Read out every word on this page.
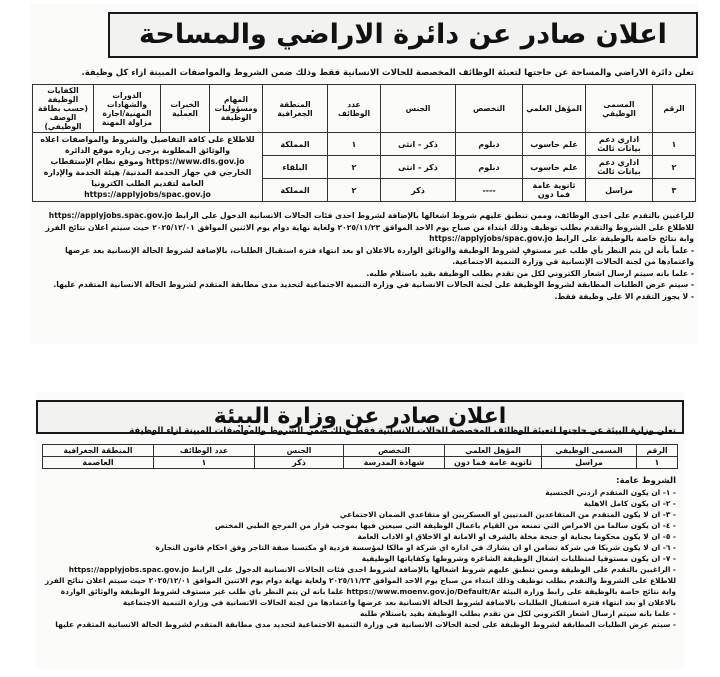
اعلان صادر عن دائرة الاراضي والمساحة
تعلن دائرة الاراضي والمساحة عن حاجتها لتعبئة الوظائف المخصصة للحالات الانسانية فقط وذلك ضمن الشروط والمواصفات المبينة ازاء كل وظيفة.
الرقم	المسمى الوظيفي	المؤهل العلمي	التخصص	الجنس	عدد الوظائف	المنطقة الجغرافية	المهام ومسؤوليات الوظيفة	الخبرات العملية	الدورات والشهادات المهنية/اجازة مزاولة المهنة	الكفايات الوظيفة (حسب بطاقة الوصف الوظيفي)
١	اداري دعم بيانات ثالث	علم حاسوب	دبلوم	ذكر - انثى	١	المملكة	للاطلاع على كافة التفاصيل والشروط والمواصفات اعلاه والوثائق المطلوبة يرجى زيارة موقع الدائرة https://www.dls.gov.jo وموقع نظام الإستقطاب الخارجي في جهاز الخدمة المدنية/ هيئة الخدمة والإدارة العامة لتقديم الطلب الكترونيا https://applyjobs/spac.gov.jo			
٢	اداري دعم بيانات ثالث	علم حاسوب	دبلوم	ذكر - انثى	٢	البلقاء				
٣	مراسل	ثانوية عامة فما دون	----	ذكر	٢	المملكة				
للراغبين بالتقدم على احدى الوظائف، وممن تنطبق عليهم شروط اشغالها بالإضافة لشروط احدى فئات الحالات الانسانية الدخول على الرابط https://applyjobs.spac.gov.jo
للاطلاع على الشروط والتقدم بطلب توظيف وذلك ابتداء من صباح يوم الاحد الموافق ٢٠٢٥/١١/٢٣ ولغاية نهاية دوام يوم الاثنين الموافق ٢٠٢٥/١٢/٠١ حيث سيتم اعلان نتائج الفرز وابة نتائج خاصة بالوظيفة على الرابط https://applyjobs/spac.gov.jo
- علماً بأنه لن يتم النظر بأي طلب غير مستوفٍ لشروط الوظيفة والوثائق الواردة بالاعلان او بعد انتهاء فترة استقبال الطلبات، بالإضافة لشروط الحالة الإنسانية بعد عرضها واعتمادها من لجنة الحالات الإنسانية في وزارة التنمية الاجتماعية.
- علما بانه سيتم ارسال اشعار الكتروني لكل من تقدم بطلب الوظيفة بقيد باستلام طلبه.
- سيتم عرض الطلبات المطابقة لشروط الوظيفة على لجنة الحالات الانسانية في وزارة التنمية الاجتماعية لتحديد مدى مطابقة المتقدم لشروط الحالة الانسانية المتقدم عليها.
- لا يجوز التقدم الا على وظيفة فقط.
اعلان صادر عن وزارة البيئة
تعلن وزارة البيئة عن حاجتها لتعبئة الوظائف المخصصة للحالات الانسانية فقط وذلك ضمن الشروط والمواصفات المبينة ازاء الوظيفة
الرقم	المسمى الوظيفي	المؤهل العلمي	التخصص	الجنس	عدد الوظائف	المنطقة الجغرافية
١	مراسل	ثانوية عامة فما دون	شهادة المدرسة	ذكر	١	العاصمة
الشروط عامة:
- ١- ان يكون المتقدم اردني الجنسية
- ٢- ان يكون كامل الاهلية
- ٣- ان لا يكون المتقدم من المتقاعدين المدنيين او العسكريين او متقاعدي الضمان الاجتماعي
- ٤- ان يكون سالما من الامراض التي تمنعه من القيام باعمال الوظيفة التي سيعين فيها بموجب قرار من المرجع الطبي المختص
- ٥- ان لا يكون محكوما بجناية او جنحة مخلة بالشرف او الامانة او الاخلاق او الاداب العامة
- ٦- ان لا يكون شريكا في شركة تضامن او ان يشارك في ادارة اي شركة او مالكا لمؤسسة فردية او مكتسبا صفة التاجر وفق احكام قانون التجارة
- ٧- ان يكون مستوفيا لمتطلبات اشغال الوظيفة الشاغرة وشروطها وكفاياتها الوظيفية
- الراغبين بالتقدم على الوظيفة وممن تنطبق عليهم شروط اشغالها بالإضافة لشروط احدى فئات الحالات الانسانية الدخول على الرابط https://applyjobs.spac.gov.jo للاطلاع على الشروط والتقدم بطلب توظيف وذلك ابتداء من صباح يوم الاحد الموافق ٢٠٢٥/١١/٢٣ ولغاية نهاية دوام يوم الاثنين الموافق ٢٠٢٥/١٢/٠١ حيث سيتم اعلان نتائج الفرز وابة نتائج خاصة بالوظيفة على رابط وزارة البيئة https://www.moenv.gov.jo/Default/Ar علما بانه لن يتم النظر باي طلب غير مستوف لشروط الوظيفة والوثائق الواردة بالاعلان او بعد انتهاء فترة استقبال الطلبات بالاضافة لشروط الحالة الانسانية بعد عرضها واعتمادها من لجنة الحالات الانسانية في وزارة التنمية الاجتماعية
- علما بانه سيتم ارسال اشعار الكتروني لكل من تقدم بطلب الوظيفة بقيد باستلام طلبه
- سيتم عرض الطلبات المطابقة لشروط الوظيفة على لجنة الحالات الانسانية في وزارة التنمية الاجتماعية لتحديد مدى مطابقة المتقدم لشروط الحالة الانسانية المتقدم عليها
